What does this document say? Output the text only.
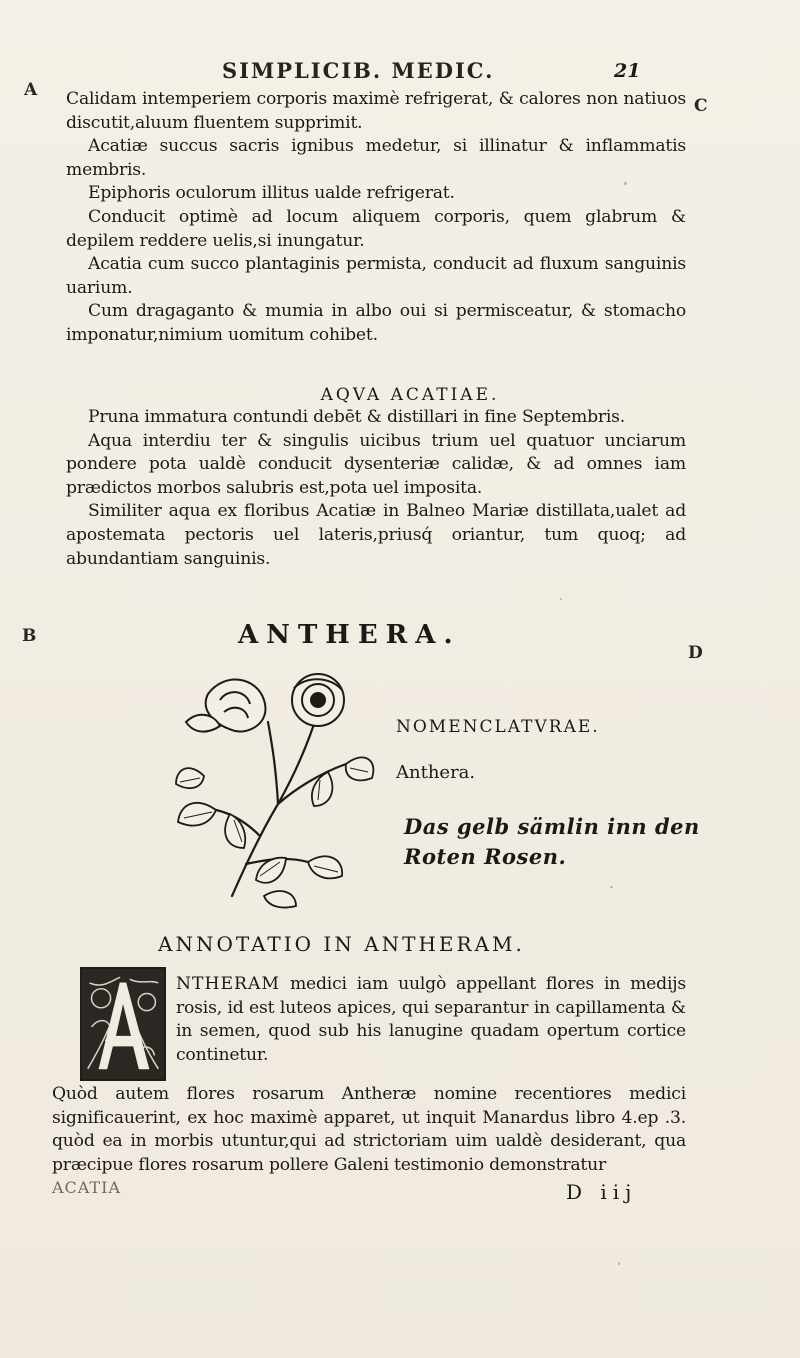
SIMPLICIB. MEDIC.	21
A
C
B
D

Calidam intemperiem corporis maximè refrigerat, & calores non natiuos discutit,aluum fluentem supprimit.

Acatiæ succus sacris ignibus medetur, si illinatur & inflammatis membris.

Epiphoris oculorum illitus ualde refrigerat.

Conducit optimè ad locum aliquem corporis, quem glabrum & depilem reddere uelis,si inungatur.

Acatia cum succo plantaginis permista, conducit ad fluxum sanguinis uarium.

Cum dragaganto & mumia in albo oui si permisceatur, & stomacho imponatur,nimium uomitum cohibet.

AQVA ACATIAE.

Pruna immatura contundi debēt & distillari in fine Septembris.

Aqua interdiu ter & singulis uicibus trium uel quatuor unciarum pondere pota ualdè conducit dysenteriæ calidæ, & ad omnes iam prædictos morbos salubris est,pota uel imposita.

Similiter aqua ex floribus Acatiæ in Balneo Mariæ distillata,ualet ad apostemata pectoris uel lateris,priusq́ oriantur, tum quoq; ad abundantiam sanguinis.

ANTHERA.
NOMENCLATVRAE.
Anthera.
Das gelb sämlin inn den Roten Rosen.
ANNOTATIO IN ANTHERAM.

NTHERAM medici iam uulgò appellant flores in medijs rosis, id est luteos apices, qui separantur in capillamenta & in semen, quod sub his lanugine quadam opertum cortice continetur.

Quòd autem flores rosarum Antheræ nomine recentiores medici significauerint, ex hoc maximè apparet, ut inquit Manardus libro 4.ep .3. quòd ea in morbis utuntur,qui ad strictoriam uim ualdè desiderant, qua præcipue flores rosarum pollere Galeni testimonio demonstratur

ACATIA	D iij
